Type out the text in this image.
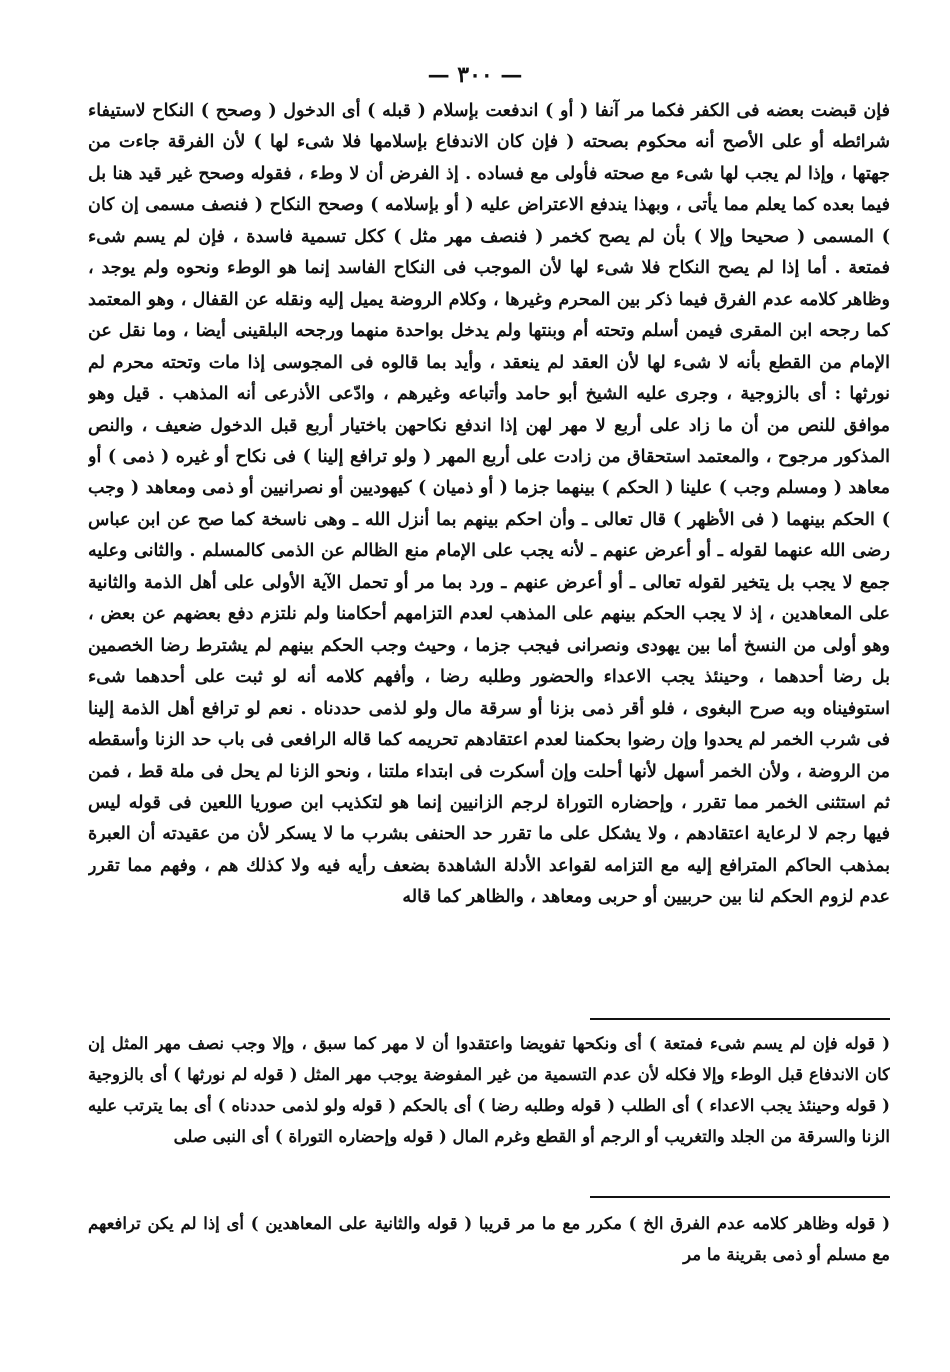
— ٣٠٠ —

فإن قبضت بعضه فى الكفر فكما مر آنفا ( أو ) اندفعت بإسلام ( قبله ) أى الدخول ( وصحح ) النكاح لاستيفاء شرائطه أو على الأصح أنه محكوم بصحته ( فإن كان الاندفاع بإسلامها فلا شىء لها ) لأن الفرقة جاءت من جهتها ، وإذا لم يجب لها شىء مع صحته فأولى مع فساده . إذ الفرض أن لا وطء ، فقوله وصحح غير قيد هنا بل فيما بعده كما يعلم مما يأتى ، وبهذا يندفع الاعتراض عليه ( أو بإسلامه ) وصحح النكاح ( فنصف مسمى إن كان ) المسمى ( صحيحا وإلا ) بأن لم يصح كخمر ( فنصف مهر مثل ) ككل تسمية فاسدة ، فإن لم يسم شىء فمتعة . أما إذا لم يصح النكاح فلا شىء لها لأن الموجب فى النكاح الفاسد إنما هو الوطء ونحوه ولم يوجد ، وظاهر كلامه عدم الفرق فيما ذكر بين المحرم وغيرها ، وكلام الروضة يميل إليه ونقله عن القفال ، وهو المعتمد كما رجحه ابن المقرى فيمن أسلم وتحته أم وبنتها ولم يدخل بواحدة منهما ورجحه البلقينى أيضا ، وما نقل عن الإمام من القطع بأنه لا شىء لها لأن العقد لم ينعقد ، وأيد بما قالوه فى المجوسى إذا مات وتحته محرم لم نورثها : أى بالزوجية ، وجرى عليه الشيخ أبو حامد وأتباعه وغيرهم ، وادّعى الأذرعى أنه المذهب . قيل وهو موافق للنص من أن ما زاد على أربع لا مهر لهن إذا اندفع نكاحهن باختيار أربع قبل الدخول ضعيف ، والنص المذكور مرجوح ، والمعتمد استحقاق من زادت على أربع المهر ( ولو ترافع إلينا ) فى نكاح أو غيره ( ذمى ) أو معاهد ( ومسلم وجب ) علينا ( الحكم ) بينهما جزما ( أو ذميان ) كيهوديين أو نصرانيين أو ذمى ومعاهد ( وجب ) الحكم بينهما ( فى الأظهر ) قال تعالى ـ وأن احكم بينهم بما أنزل الله ـ وهى ناسخة كما صح عن ابن عباس رضى الله عنهما لقوله ـ أو أعرض عنهم ـ لأنه يجب على الإمام منع الظالم عن الذمى كالمسلم . والثانى وعليه جمع لا يجب بل يتخير لقوله تعالى ـ أو أعرض عنهم ـ ورد بما مر أو تحمل الآية الأولى على أهل الذمة والثانية على المعاهدين ، إذ لا يجب الحكم بينهم على المذهب لعدم التزامهم أحكامنا ولم نلتزم دفع بعضهم عن بعض ، وهو أولى من النسخ أما بين يهودى ونصرانى فيجب جزما ، وحيث وجب الحكم بينهم لم يشترط رضا الخصمين بل رضا أحدهما ، وحينئذ يجب الاعداء والحضور وطلبه رضا ، وأفهم كلامه أنه لو ثبت على أحدهما شىء استوفيناه وبه صرح البغوى ، فلو أقر ذمى بزنا أو سرقة مال ولو لذمى حددناه . نعم لو ترافع أهل الذمة إلينا فى شرب الخمر لم يحدوا وإن رضوا بحكمنا لعدم اعتقادهم تحريمه كما قاله الرافعى فى باب حد الزنا وأسقطه من الروضة ، ولأن الخمر أسهل لأنها أحلت وإن أسكرت فى ابتداء ملتنا ، ونحو الزنا لم يحل فى ملة قط ، فمن ثم استثنى الخمر مما تقرر ، وإحضاره التوراة لرجم الزانيين إنما هو لتكذيب ابن صوريا اللعين فى قوله ليس فيها رجم لا لرعاية اعتقادهم ، ولا يشكل على ما تقرر حد الحنفى بشرب ما لا يسكر لأن من عقيدته أن العبرة بمذهب الحاكم المترافع إليه مع التزامه لقواعد الأدلة الشاهدة بضعف رأيه فيه ولا كذلك هم ، وفهم مما تقرر عدم لزوم الحكم لنا بين حربيين أو حربى ومعاهد ، والظاهر كما قاله

( قوله فإن لم يسم شىء فمتعة ) أى ونكحها تفويضا واعتقدوا أن لا مهر كما سبق ، وإلا وجب نصف مهر المثل إن كان الاندفاع قبل الوطء وإلا فكله لأن عدم التسمية من غير المفوضة يوجب مهر المثل ( قوله لم نورثها ) أى بالزوجية ( قوله وحينئذ يجب الاعداء ) أى الطلب ( قوله وطلبه رضا ) أى بالحكم ( قوله ولو لذمى حددناه ) أى بما يترتب عليه الزنا والسرقة من الجلد والتغريب أو الرجم أو القطع وغرم المال ( قوله وإحضاره التوراة ) أى النبى صلى

( قوله وظاهر كلامه عدم الفرق الخ ) مكرر مع ما مر قريبا ( قوله والثانية على المعاهدين ) أى إذا لم يكن ترافعهم مع مسلم أو ذمى بقرينة ما مر
